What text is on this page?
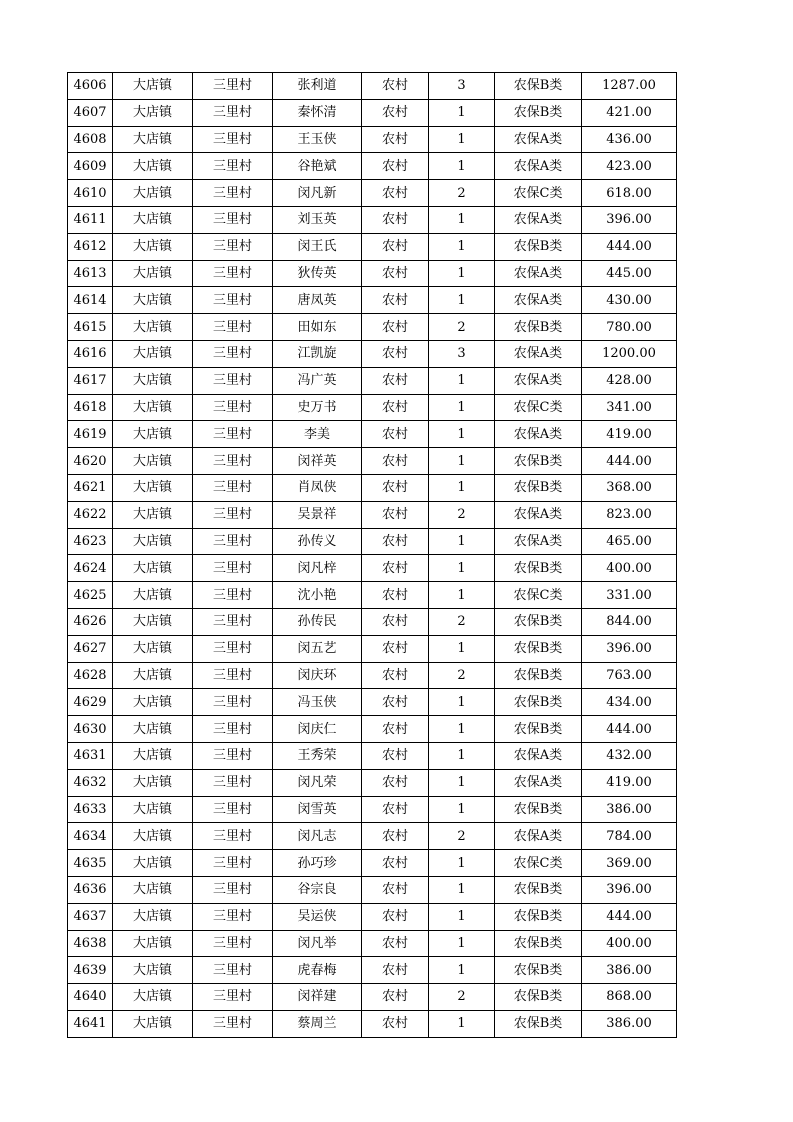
4606	大店镇	三里村	张利道	农村	3	农保B类	1287.00
4607	大店镇	三里村	秦怀清	农村	1	农保B类	421.00
4608	大店镇	三里村	王玉侠	农村	1	农保A类	436.00
4609	大店镇	三里村	谷艳斌	农村	1	农保A类	423.00
4610	大店镇	三里村	闵凡新	农村	2	农保C类	618.00
4611	大店镇	三里村	刘玉英	农村	1	农保A类	396.00
4612	大店镇	三里村	闵王氏	农村	1	农保B类	444.00
4613	大店镇	三里村	狄传英	农村	1	农保A类	445.00
4614	大店镇	三里村	唐凤英	农村	1	农保A类	430.00
4615	大店镇	三里村	田如东	农村	2	农保B类	780.00
4616	大店镇	三里村	江凯旋	农村	3	农保A类	1200.00
4617	大店镇	三里村	冯广英	农村	1	农保A类	428.00
4618	大店镇	三里村	史万书	农村	1	农保C类	341.00
4619	大店镇	三里村	李美	农村	1	农保A类	419.00
4620	大店镇	三里村	闵祥英	农村	1	农保B类	444.00
4621	大店镇	三里村	肖凤侠	农村	1	农保B类	368.00
4622	大店镇	三里村	吴景祥	农村	2	农保A类	823.00
4623	大店镇	三里村	孙传义	农村	1	农保A类	465.00
4624	大店镇	三里村	闵凡梓	农村	1	农保B类	400.00
4625	大店镇	三里村	沈小艳	农村	1	农保C类	331.00
4626	大店镇	三里村	孙传民	农村	2	农保B类	844.00
4627	大店镇	三里村	闵五艺	农村	1	农保B类	396.00
4628	大店镇	三里村	闵庆环	农村	2	农保B类	763.00
4629	大店镇	三里村	冯玉侠	农村	1	农保B类	434.00
4630	大店镇	三里村	闵庆仁	农村	1	农保B类	444.00
4631	大店镇	三里村	王秀荣	农村	1	农保A类	432.00
4632	大店镇	三里村	闵凡荣	农村	1	农保A类	419.00
4633	大店镇	三里村	闵雪英	农村	1	农保B类	386.00
4634	大店镇	三里村	闵凡志	农村	2	农保A类	784.00
4635	大店镇	三里村	孙巧珍	农村	1	农保C类	369.00
4636	大店镇	三里村	谷宗良	农村	1	农保B类	396.00
4637	大店镇	三里村	吴运侠	农村	1	农保B类	444.00
4638	大店镇	三里村	闵凡举	农村	1	农保B类	400.00
4639	大店镇	三里村	虎春梅	农村	1	农保B类	386.00
4640	大店镇	三里村	闵祥建	农村	2	农保B类	868.00
4641	大店镇	三里村	蔡周兰	农村	1	农保B类	386.00
